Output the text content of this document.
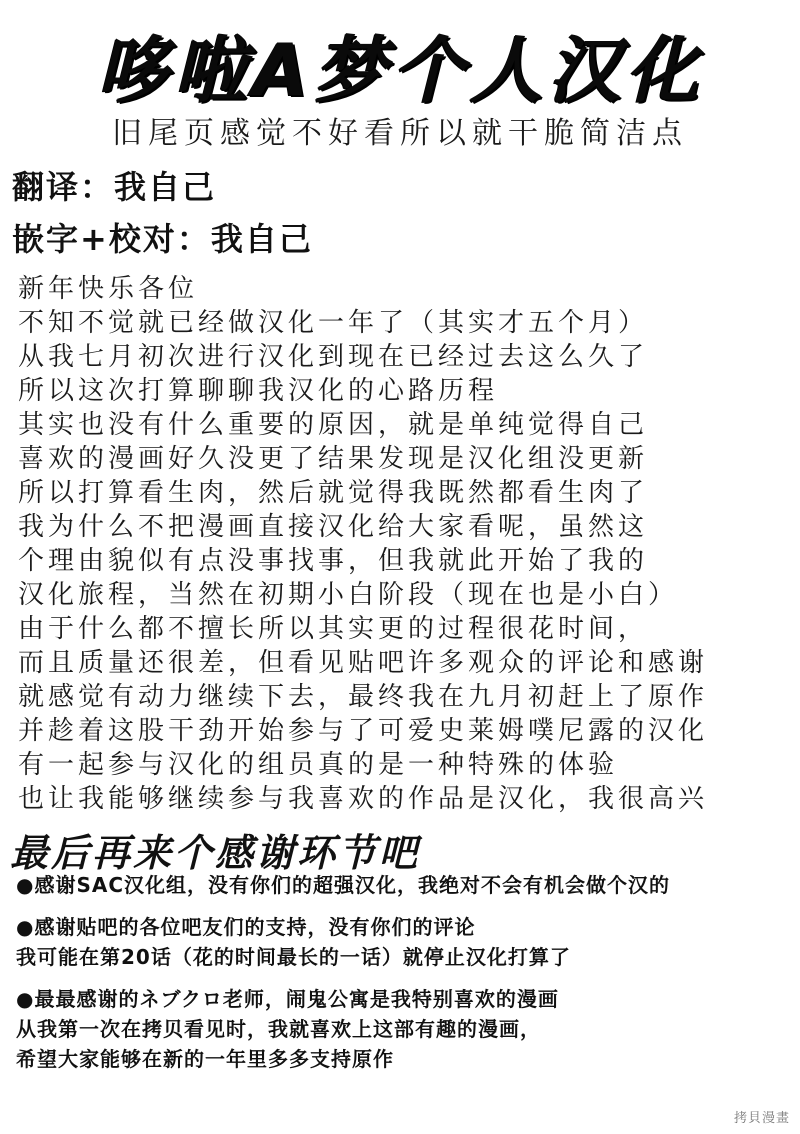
哆啦A梦个人汉化
旧尾页感觉不好看所以就干脆简洁点
翻译：我自己
嵌字+校对：我自己
新年快乐各位
不知不觉就已经做汉化一年了（其实才五个月）
从我七月初次进行汉化到现在已经过去这么久了
所以这次打算聊聊我汉化的心路历程
其实也没有什么重要的原因，就是单纯觉得自己
喜欢的漫画好久没更了结果发现是汉化组没更新
所以打算看生肉，然后就觉得我既然都看生肉了
我为什么不把漫画直接汉化给大家看呢，虽然这
个理由貌似有点没事找事，但我就此开始了我的
汉化旅程，当然在初期小白阶段（现在也是小白）
由于什么都不擅长所以其实更的过程很花时间，
而且质量还很差，但看见贴吧许多观众的评论和感谢
就感觉有动力继续下去，最终我在九月初赶上了原作
并趁着这股干劲开始参与了可爱史莱姆噗尼露的汉化
有一起参与汉化的组员真的是一种特殊的体验
也让我能够继续参与我喜欢的作品是汉化，我很高兴
最后再来个感谢环节吧
●感谢SAC汉化组，没有你们的超强汉化，我绝对不会有机会做个汉的
●感谢贴吧的各位吧友们的支持，没有你们的评论
我可能在第20话（花的时间最长的一话）就停止汉化打算了
●最最感谢的ネブクロ老师，闹鬼公寓是我特别喜欢的漫画
从我第一次在拷贝看见时，我就喜欢上这部有趣的漫画，
希望大家能够在新的一年里多多支持原作
拷貝漫畫
